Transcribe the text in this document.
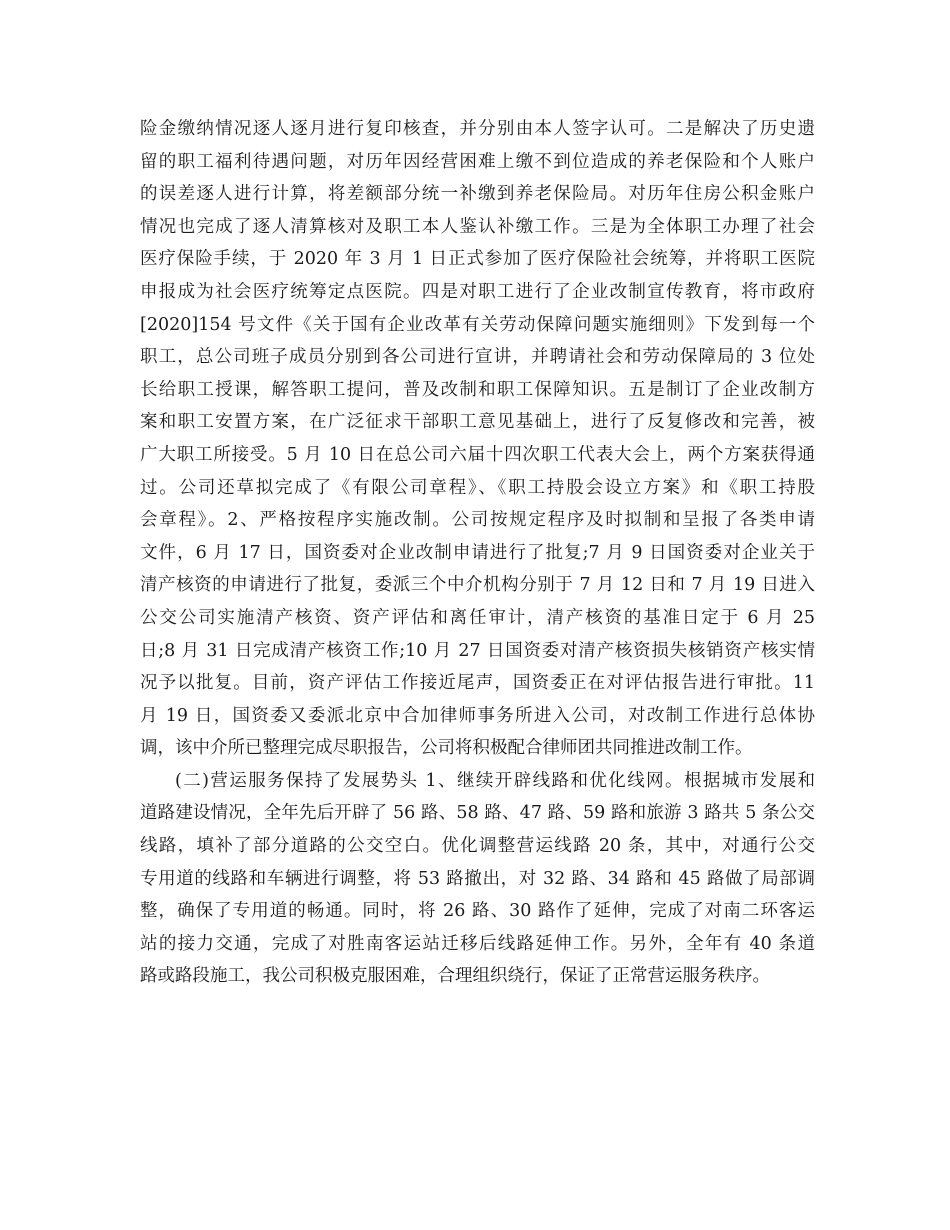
险金缴纳情况逐人逐月进行复印核查，并分别由本人签字认可。二是解决了历史遗
留的职工福利待遇问题，对历年因经营困难上缴不到位造成的养老保险和个人账户
的误差逐人进行计算，将差额部分统一补缴到养老保险局。对历年住房公积金账户
情况也完成了逐人清算核对及职工本人鉴认补缴工作。三是为全体职工办理了社会
医疗保险手续，于 2020 年 3 月 1 日正式参加了医疗保险社会统筹，并将职工医院
申报成为社会医疗统筹定点医院。四是对职工进行了企业改制宣传教育，将市政府
[2020]154 号文件《关于国有企业改革有关劳动保障问题实施细则》下发到每一个
职工，总公司班子成员分别到各公司进行宣讲，并聘请社会和劳动保障局的 3 位处
长给职工授课，解答职工提问，普及改制和职工保障知识。五是制订了企业改制方
案和职工安置方案，在广泛征求干部职工意见基础上，进行了反复修改和完善，被
广大职工所接受。5 月 10 日在总公司六届十四次职工代表大会上，两个方案获得通
过。公司还草拟完成了《有限公司章程》、《职工持股会设立方案》和《职工持股
会章程》。2、严格按程序实施改制。公司按规定程序及时拟制和呈报了各类申请
文件，6 月 17 日，国资委对企业改制申请进行了批复;7 月 9 日国资委对企业关于
清产核资的申请进行了批复，委派三个中介机构分别于 7 月 12 日和 7 月 19 日进入
公交公司实施清产核资、资产评估和离任审计，清产核资的基准日定于 6 月 25
日;8 月 31 日完成清产核资工作;10 月 27 日国资委对清产核资损失核销资产核实情
况予以批复。目前，资产评估工作接近尾声，国资委正在对评估报告进行审批。11
月 19 日，国资委又委派北京中合加律师事务所进入公司，对改制工作进行总体协
调，该中介所已整理完成尽职报告，公司将积极配合律师团共同推进改制工作。
(二)营运服务保持了发展势头 1、继续开辟线路和优化线网。根据城市发展和
道路建设情况，全年先后开辟了 56 路、58 路、47 路、59 路和旅游 3 路共 5 条公交
线路，填补了部分道路的公交空白。优化调整营运线路 20 条，其中，对通行公交
专用道的线路和车辆进行调整，将 53 路撤出，对 32 路、34 路和 45 路做了局部调
整，确保了专用道的畅通。同时，将 26 路、30 路作了延伸，完成了对南二环客运
站的接力交通，完成了对胜南客运站迁移后线路延伸工作。另外，全年有 40 条道
路或路段施工，我公司积极克服困难，合理组织绕行，保证了正常营运服务秩序。
